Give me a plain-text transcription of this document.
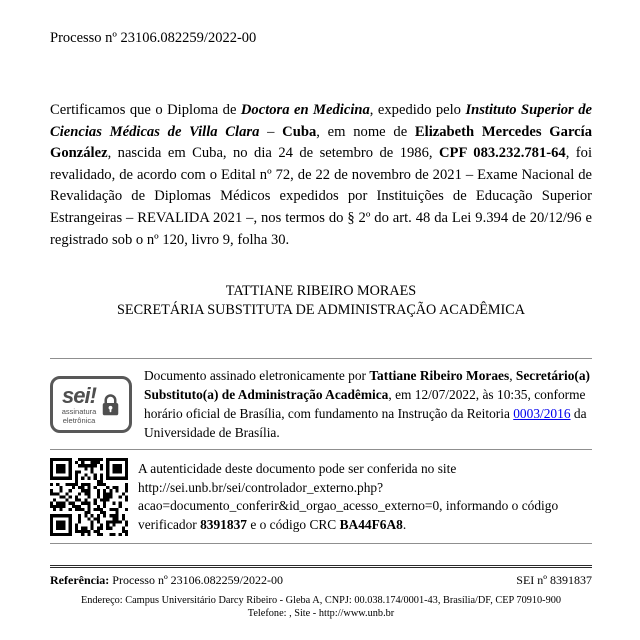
Processo nº 23106.082259/2022-00

Certificamos que o Diploma de Doctora en Medicina, expedido pelo Instituto Superior de Ciencias Médicas de Villa Clara – Cuba, em nome de Elizabeth Mercedes García González, nascida em Cuba, no dia 24 de setembro de 1986, CPF 083.232.781-64, foi revalidado, de acordo com o Edital nº 72, de 22 de novembro de 2021 – Exame Nacional de Revalidação de Diplomas Médicos expedidos por Instituições de Educação Superior Estrangeiras – REVALIDA 2021 –, nos termos do § 2º do art. 48 da Lei 9.394 de 20/12/96 e registrado sob o nº 120, livro 9, folha 30.

TATTIANE RIBEIRO MORAES
SECRETÁRIA SUBSTITUTA DE ADMINISTRAÇÃO ACADÊMICA
sei!
assinatura
eletrônica
Documento assinado eletronicamente por Tattiane Ribeiro Moraes, Secretário(a) Substituto(a) de Administração Acadêmica, em 12/07/2022, às 10:35, conforme horário oficial de Brasília, com fundamento na Instrução da Reitoria 0003/2016 da Universidade de Brasília.
A autenticidade deste documento pode ser conferida no site
http://sei.unb.br/sei/controlador_externo.php?
acao=documento_conferir&id_orgao_acesso_externo=0, informando o código verificador 8391837 e o código CRC BA44F6A8.
Referência: Processo nº 23106.082259/2022-00	SEI nº 8391837
Endereço: Campus Universitário Darcy Ribeiro - Gleba A, CNPJ: 00.038.174/0001-43, Brasília/DF, CEP 70910-900
Telefone: , Site - http://www.unb.br
